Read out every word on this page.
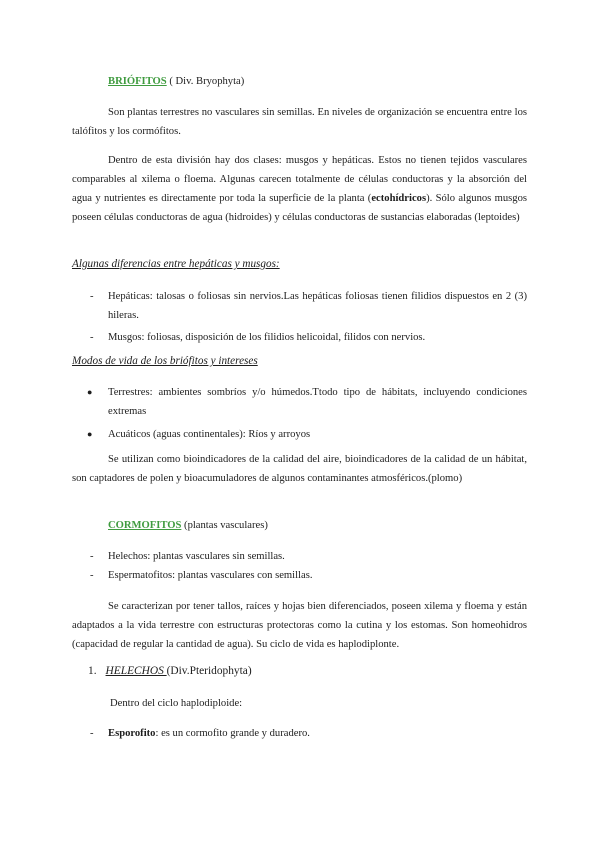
BRIÓFITOS ( Div. Bryophyta)
Son plantas terrestres no vasculares sin semillas. En niveles de organización se encuentra entre los talófitos y los cormófitos.
Dentro de esta división hay dos clases: musgos y hepáticas. Estos no tienen tejidos vasculares comparables al xilema o floema. Algunas carecen totalmente de células conductoras y la absorción del agua y nutrientes es directamente por toda la superficie de la planta (ectohídricos). Sólo algunos musgos poseen células conductoras de agua (hidroides) y células conductoras de sustancias elaboradas (leptoides)
Algunas diferencias entre hepáticas y musgos:
- Hepáticas: talosas o foliosas sin nervios.Las hepáticas foliosas tienen filidios dispuestos en 2 (3) hileras.
- Musgos: foliosas, disposición de los filidios helicoidal, filidos con nervios.
Modos de vida de los briófitos y intereses
● Terrestres: ambientes sombríos y/o húmedos.Ttodo tipo de hábitats, incluyendo condiciones extremas
● Acuáticos (aguas continentales): Ríos y arroyos
Se utilizan como bioindicadores de la calidad del aire, bioindicadores de la calidad de un hábitat, son captadores de polen y bioacumuladores de algunos contaminantes atmosféricos.(plomo)
CORMOFITOS (plantas vasculares)
- Helechos: plantas vasculares sin semillas.
- Espermatofitos: plantas vasculares con semillas.
Se caracterizan por tener tallos, raíces y hojas bien diferenciados, poseen xilema y floema y están adaptados a la vida terrestre con estructuras protectoras como la cutina y los estomas. Son homeohidros (capacidad de regular la cantidad de agua). Su ciclo de vida es haplodiplonte.
1. HELECHOS (Div.Pteridophyta)
Dentro del ciclo haplodiploide:
- Esporofito: es un cormofito grande y duradero.
